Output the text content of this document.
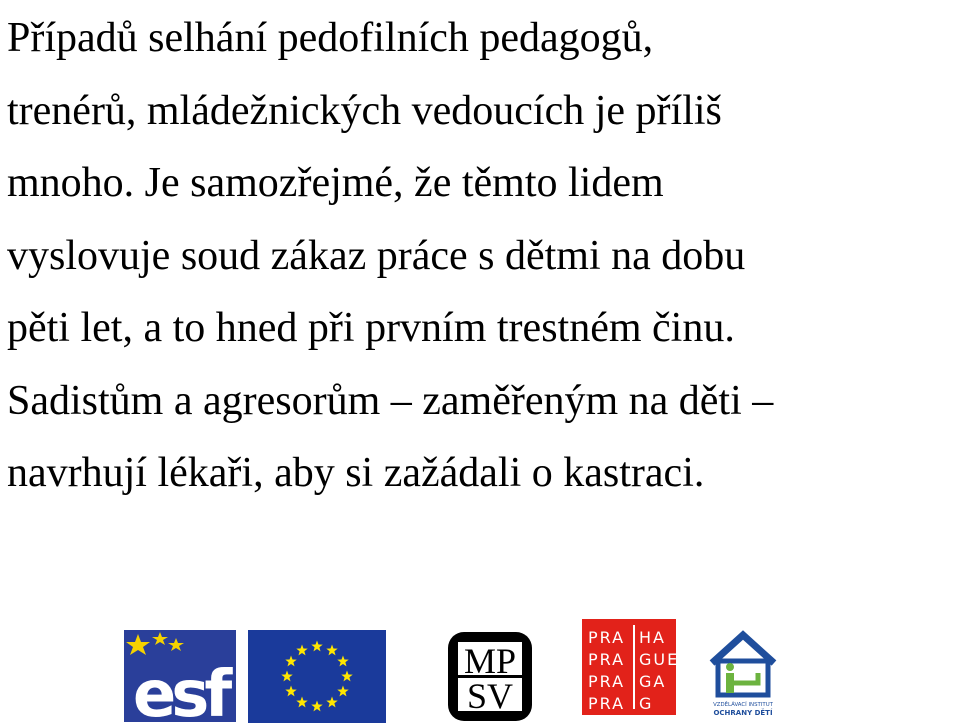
Případů selhání pedofilních pedagogů,
trenérů, mládežnických vedoucích je příliš
mnoho. Je samozřejmé, že těmto lidem
vyslovuje soud zákaz práce s dětmi na dobu
pěti let, a to hned při prvním trestném činu.
Sadistům a agresorům – zaměřeným na děti –
navrhují lékaři, aby si zažádali o kastraci.
esf	MP
SV
PRA HA
PRA GUE
PRA GA
PRA G	VZDĚLÁVACÍ INSTITUT
OCHRANY DĚTÍ
